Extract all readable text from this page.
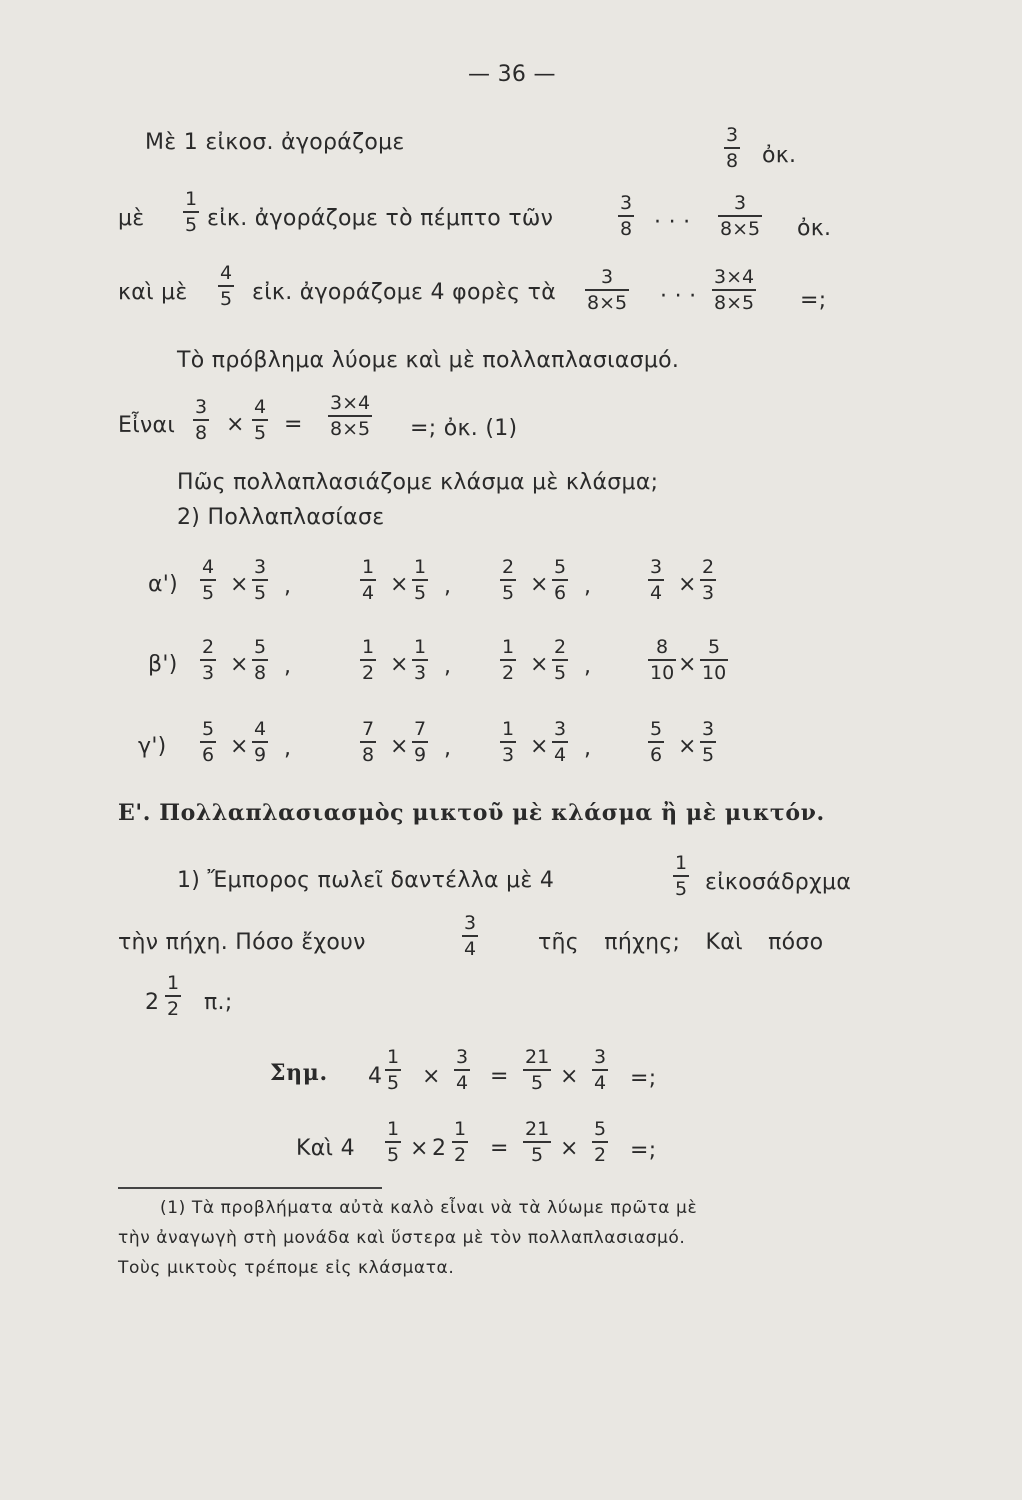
— 36 —
Μὲ 1 εἰκοσ. ἀγοράζομε	3
8 ὀκ.
μὲ
1
5 εἰκ. ἀγοράζομε τὸ πέμπτο τῶν
3
8 · · ·
3
8×5 ὀκ.
καὶ μὲ
4
5 εἰκ. ἀγοράζομε 4 φορὲς τὰ
3
8×5 · · ·
3×4
8×5 =;
Τὸ πρόβλημα λύομε καὶ μὲ πολλαπλασιασμό.
Εἶναι
3
8 ×
4
5 =
3×4
8×5 =; ὀκ. (1)
Πῶς πολλαπλασιάζομε κλάσμα μὲ κλάσμα;
2) Πολλαπλασίασε
α')
4
5 ×
3
5 ,
1
4 ×
1
5 ,
2
5 ×
5
6 ,
3
4 ×
2
3
β')
2
3 ×
5
8 ,
1
2 ×
1
3 ,
1
2 ×
2
5 ,
8
10 ×
5
10
γ')
5
6 ×
4
9 ,
7
8 ×
7
9 ,
1
3 ×
3
4 ,
5
6 ×
3
5
Ε'. Πολλαπλασιασμὸς μικτοῦ μὲ κλάσμα ἢ μὲ μικτόν.
1) Ἔμπορος πωλεῖ δαντέλλα μὲ 4
1
5 εἰκοσάδρχμα
τὴν πήχη. Πόσο ἔχουν
3
4	τῆς πήχης; Καὶ πόσο
2
1
2 π.;
Σημ. 4
1
5 ×
3
4 =
21
5 ×
3
4 =;
Καὶ 4
1
5 × 2
1
2 =
21
5 ×
5
2 =;
(1) Τὰ προβλήματα αὐτὰ καλὸ εἶναι νὰ τὰ λύωμε πρῶτα μὲ
τὴν ἀναγωγὴ στὴ μονάδα καὶ ὕστερα μὲ τὸν πολλαπλασιασμό.
Τοὺς μικτοὺς τρέπομε εἰς κλάσματα.
